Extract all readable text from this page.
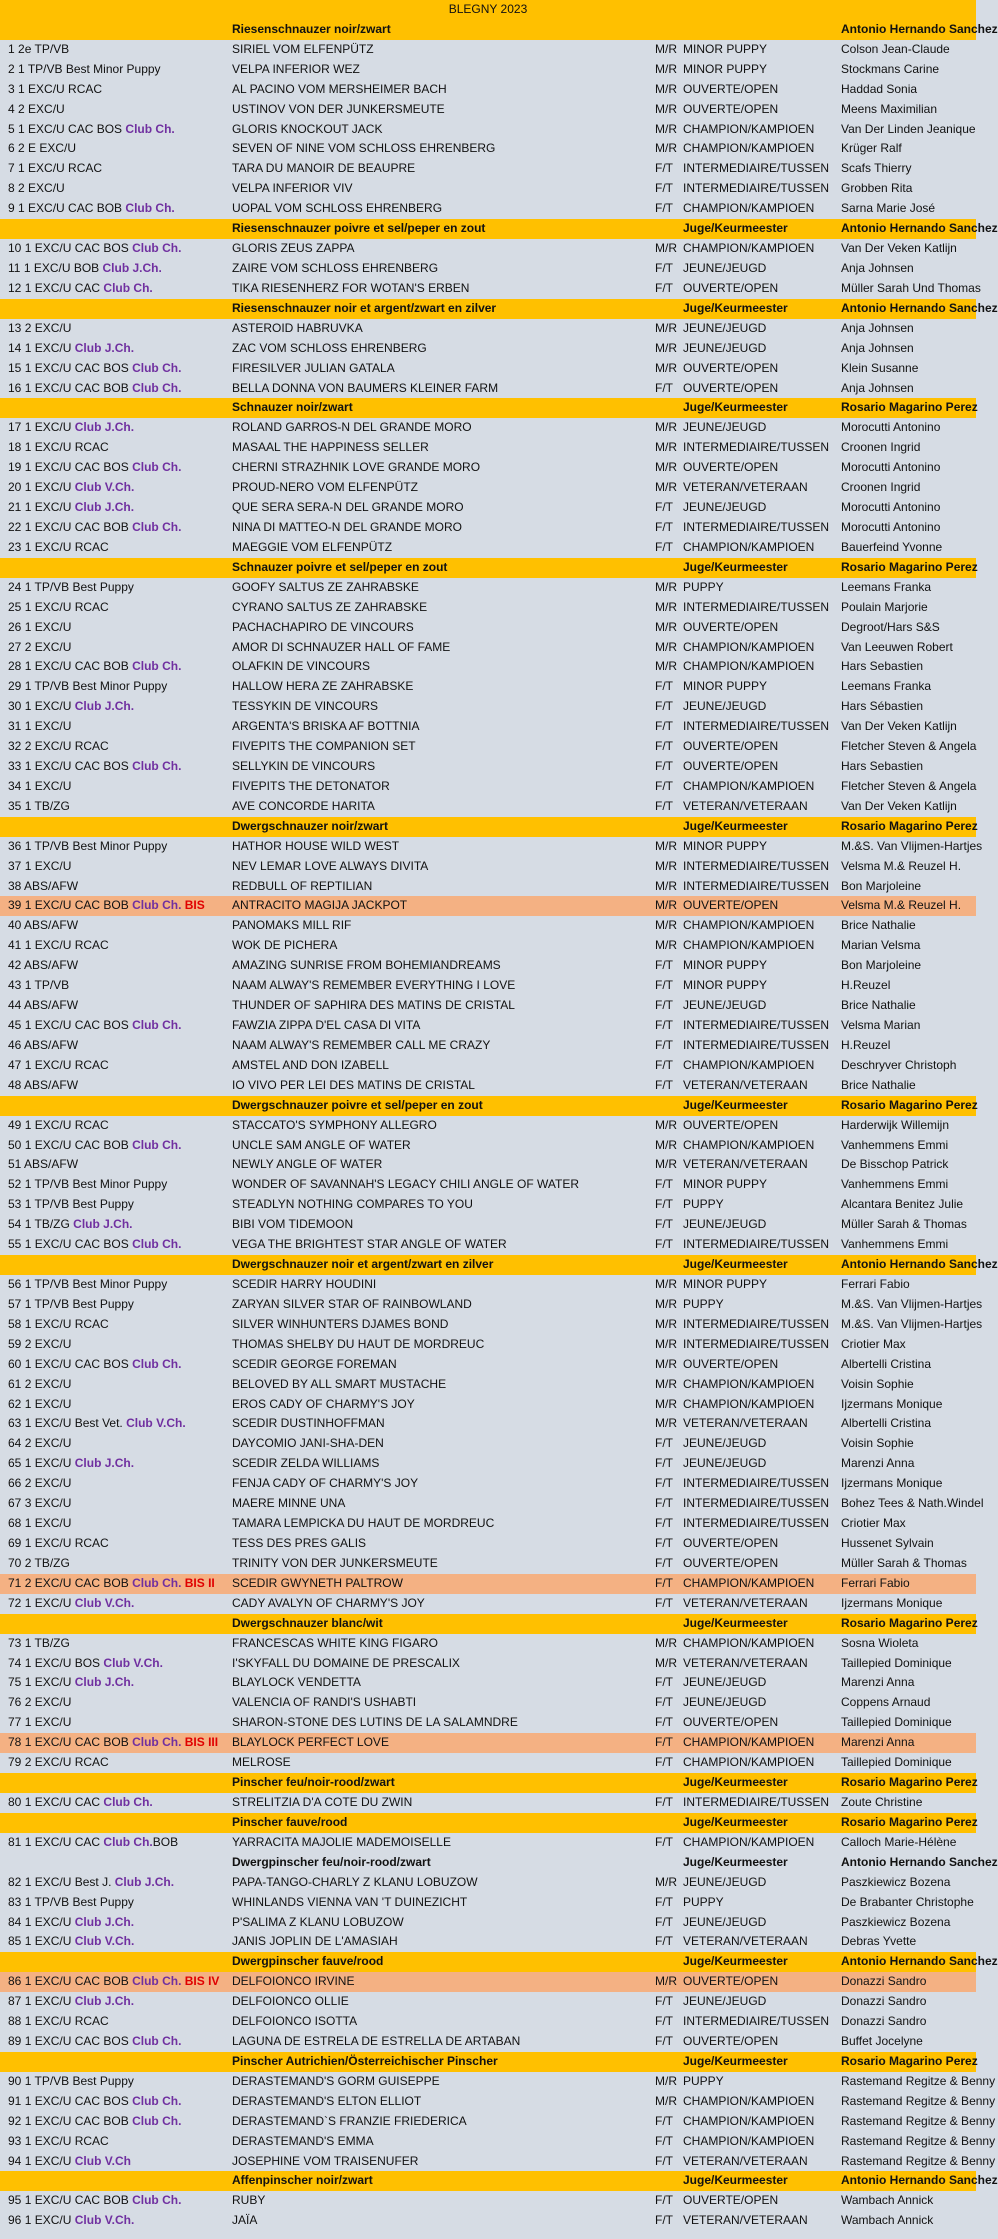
BLEGNY 2023
Riesenschnauzer noir/zwart	Antonio Hernando Sanchez
1 2e TP/VB	SIRIEL VOM ELFENPÜTZ	M/R MINOR PUPPY	Colson Jean-Claude
2 1 TP/VB Best Minor Puppy	VELPA INFERIOR WEZ	M/R MINOR PUPPY	Stockmans Carine
3 1 EXC/U RCAC	AL PACINO VOM MERSHEIMER BACH	M/R OUVERTE/OPEN	Haddad Sonia
4 2 EXC/U	USTINOV VON DER JUNKERSMEUTE	M/R OUVERTE/OPEN	Meens Maximilian
5 1 EXC/U CAC BOS Club Ch.	GLORIS KNOCKOUT JACK	M/R CHAMPION/KAMPIOEN	Van Der Linden Jeanique
6 2 E EXC/U	SEVEN OF NINE VOM SCHLOSS EHRENBERG	M/R CHAMPION/KAMPIOEN	Krüger Ralf
7 1 EXC/U RCAC	TARA DU MANOIR DE BEAUPRE	F/T INTERMEDIAIRE/TUSSEN Scafs Thierry
8 2 EXC/U	VELPA INFERIOR VIV	F/T INTERMEDIAIRE/TUSSEN Grobben Rita
9 1 EXC/U CAC BOB Club Ch.	UOPAL VOM SCHLOSS EHRENBERG	F/T CHAMPION/KAMPIOEN	Sarna Marie José
Riesenschnauzer poivre et sel/peper en zout	Juge/Keurmeester	Antonio Hernando Sanchez
10 1 EXC/U CAC BOS Club Ch.	GLORIS ZEUS ZAPPA	M/R CHAMPION/KAMPIOEN	Van Der Veken Katlijn
11 1 EXC/U BOB Club J.Ch.	ZAIRE VOM SCHLOSS EHRENBERG	F/T JEUNE/JEUGD	Anja Johnsen
12 1 EXC/U CAC Club Ch.	TIKA RIESENHERZ FOR WOTAN'S ERBEN	F/T OUVERTE/OPEN	Müller Sarah Und Thomas
Riesenschnauzer noir et argent/zwart en zilver	Juge/Keurmeester	Antonio Hernando Sanchez
13 2 EXC/U	ASTEROID HABRUVKA	M/R JEUNE/JEUGD	Anja Johnsen
14 1 EXC/U Club J.Ch.	ZAC VOM SCHLOSS EHRENBERG	M/R JEUNE/JEUGD	Anja Johnsen
15 1 EXC/U CAC BOS Club Ch.	FIRESILVER JULIAN GATALA	M/R OUVERTE/OPEN	Klein Susanne
16 1 EXC/U CAC BOB Club Ch.	BELLA DONNA VON BAUMERS KLEINER FARM	F/T OUVERTE/OPEN	Anja Johnsen
Schnauzer noir/zwart	Juge/Keurmeester	Rosario Magarino Perez
17 1 EXC/U Club J.Ch.	ROLAND GARROS-N DEL GRANDE MORO	M/R JEUNE/JEUGD	Morocutti Antonino
18 1 EXC/U RCAC	MASAAL THE HAPPINESS SELLER	M/R INTERMEDIAIRE/TUSSEN Croonen Ingrid
19 1 EXC/U CAC BOS Club Ch.	CHERNI STRAZHNIK LOVE GRANDE MORO	M/R OUVERTE/OPEN	Morocutti Antonino
20 1 EXC/U Club V.Ch.	PROUD-NERO VOM ELFENPÜTZ	M/R VETERAN/VETERAAN	Croonen Ingrid
21 1 EXC/U Club J.Ch.	QUE SERA SERA-N DEL GRANDE MORO	F/T JEUNE/JEUGD	Morocutti Antonino
22 1 EXC/U CAC BOB Club Ch.	NINA DI MATTEO-N DEL GRANDE MORO	F/T INTERMEDIAIRE/TUSSEN Morocutti Antonino
23 1 EXC/U RCAC	MAEGGIE VOM ELFENPÜTZ	F/T CHAMPION/KAMPIOEN	Bauerfeind Yvonne
Schnauzer poivre et sel/peper en zout	Juge/Keurmeester	Rosario Magarino Perez
24 1 TP/VB Best Puppy	GOOFY SALTUS ZE ZAHRABSKE	M/R PUPPY	Leemans Franka
25 1 EXC/U RCAC	CYRANO SALTUS ZE ZAHRABSKE	M/R INTERMEDIAIRE/TUSSEN Poulain Marjorie
26 1 EXC/U	PACHACHAPIRO DE VINCOURS	M/R OUVERTE/OPEN	Degroot/Hars S&S
27 2 EXC/U	AMOR DI SCHNAUZER HALL OF FAME	M/R CHAMPION/KAMPIOEN	Van Leeuwen Robert
28 1 EXC/U CAC BOB Club Ch.	OLAFKIN DE VINCOURS	M/R CHAMPION/KAMPIOEN	Hars Sebastien
29 1 TP/VB Best Minor Puppy	HALLOW HERA ZE ZAHRABSKE	F/T MINOR PUPPY	Leemans Franka
30 1 EXC/U Club J.Ch.	TESSYKIN DE VINCOURS	F/T JEUNE/JEUGD	Hars Sébastien
31 1 EXC/U	ARGENTA'S BRISKA AF BOTTNIA	F/T INTERMEDIAIRE/TUSSEN Van Der Veken Katlijn
32 2 EXC/U RCAC	FIVEPITS THE COMPANION SET	F/T OUVERTE/OPEN	Fletcher Steven & Angela
33 1 EXC/U CAC BOS Club Ch.	SELLYKIN DE VINCOURS	F/T OUVERTE/OPEN	Hars Sebastien
34 1 EXC/U	FIVEPITS THE DETONATOR	F/T CHAMPION/KAMPIOEN	Fletcher Steven & Angela
35 1 TB/ZG	AVE CONCORDE HARITA	F/T VETERAN/VETERAAN	Van Der Veken Katlijn
Dwergschnauzer noir/zwart	Juge/Keurmeester	Rosario Magarino Perez
36 1 TP/VB Best Minor Puppy	HATHOR HOUSE WILD WEST	M/R MINOR PUPPY	M.&S. Van Vlijmen-Hartjes
37 1 EXC/U	NEV LEMAR LOVE ALWAYS DIVITA	M/R INTERMEDIAIRE/TUSSEN Velsma M.& Reuzel H.
38 ABS/AFW	REDBULL OF REPTILIAN	M/R INTERMEDIAIRE/TUSSEN Bon Marjoleine
39 1 EXC/U CAC BOB Club Ch. BIS	ANTRACITO MAGIJA JACKPOT	M/R OUVERTE/OPEN	Velsma M.& Reuzel H.
40 ABS/AFW	PANOMAKS MILL RIF	M/R CHAMPION/KAMPIOEN	Brice Nathalie
41 1 EXC/U RCAC	WOK DE PICHERA	M/R CHAMPION/KAMPIOEN	Marian Velsma
42 ABS/AFW	AMAZING SUNRISE FROM BOHEMIANDREAMS	F/T MINOR PUPPY	Bon Marjoleine
43 1 TP/VB	NAAM ALWAY'S REMEMBER EVERYTHING I LOVE	F/T MINOR PUPPY	H.Reuzel
44 ABS/AFW	THUNDER OF SAPHIRA DES MATINS DE CRISTAL	F/T JEUNE/JEUGD	Brice Nathalie
45 1 EXC/U CAC BOS Club Ch.	FAWZIA ZIPPA D'EL CASA DI VITA	F/T INTERMEDIAIRE/TUSSEN Velsma Marian
46 ABS/AFW	NAAM ALWAY'S REMEMBER CALL ME CRAZY	F/T INTERMEDIAIRE/TUSSEN H.Reuzel
47 1 EXC/U RCAC	AMSTEL AND DON IZABELL	F/T CHAMPION/KAMPIOEN	Deschryver Christoph
48 ABS/AFW	IO VIVO PER LEI DES MATINS DE CRISTAL	F/T VETERAN/VETERAAN	Brice Nathalie
Dwergschnauzer poivre et sel/peper en zout	Juge/Keurmeester	Rosario Magarino Perez
49 1 EXC/U RCAC	STACCATO'S SYMPHONY ALLEGRO	M/R OUVERTE/OPEN	Harderwijk Willemijn
50 1 EXC/U CAC BOB Club Ch.	UNCLE SAM ANGLE OF WATER	M/R CHAMPION/KAMPIOEN	Vanhemmens Emmi
51 ABS/AFW	NEWLY ANGLE OF WATER	M/R VETERAN/VETERAAN	De Bisschop Patrick
52 1 TP/VB Best Minor Puppy	WONDER OF SAVANNAH'S LEGACY CHILI ANGLE OF WATER	F/T MINOR PUPPY	Vanhemmens Emmi
53 1 TP/VB Best Puppy	STEADLYN NOTHING COMPARES TO YOU	F/T PUPPY	Alcantara Benitez Julie
54 1 TB/ZG Club J.Ch.	BIBI VOM TIDEMOON	F/T JEUNE/JEUGD	Müller Sarah & Thomas
55 1 EXC/U CAC BOS Club Ch.	VEGA THE BRIGHTEST STAR ANGLE OF WATER	F/T INTERMEDIAIRE/TUSSEN Vanhemmens Emmi
Dwergschnauzer noir et argent/zwart en zilver	Juge/Keurmeester	Antonio Hernando Sanchez
56 1 TP/VB Best Minor Puppy	SCEDIR HARRY HOUDINI	M/R MINOR PUPPY	Ferrari Fabio
57 1 TP/VB Best Puppy	ZARYAN SILVER STAR OF RAINBOWLAND	M/R PUPPY	M.&S. Van Vlijmen-Hartjes
58 1 EXC/U RCAC	SILVER WINHUNTERS DJAMES BOND	M/R INTERMEDIAIRE/TUSSEN M.&S. Van Vlijmen-Hartjes
59 2 EXC/U	THOMAS SHELBY DU HAUT DE MORDREUC	M/R INTERMEDIAIRE/TUSSEN Criotier Max
60 1 EXC/U CAC BOS Club Ch.	SCEDIR GEORGE FOREMAN	M/R OUVERTE/OPEN	Albertelli Cristina
61 2 EXC/U	BELOVED BY ALL SMART MUSTACHE	M/R CHAMPION/KAMPIOEN	Voisin Sophie
62 1 EXC/U	EROS CADY OF CHARMY'S JOY	M/R CHAMPION/KAMPIOEN	Ijzermans Monique
63 1 EXC/U Best Vet. Club V.Ch.	SCEDIR DUSTINHOFFMAN	M/R VETERAN/VETERAAN	Albertelli Cristina
64 2 EXC/U	DAYCOMIO JANI-SHA-DEN	F/T JEUNE/JEUGD	Voisin Sophie
65 1 EXC/U Club J.Ch.	SCEDIR ZELDA WILLIAMS	F/T JEUNE/JEUGD	Marenzi Anna
66 2 EXC/U	FENJA CADY OF CHARMY'S JOY	F/T INTERMEDIAIRE/TUSSEN Ijzermans Monique
67 3 EXC/U	MAERE MINNE UNA	F/T INTERMEDIAIRE/TUSSEN Bohez Tees & Nath.Windel
68 1 EXC/U	TAMARA LEMPICKA DU HAUT DE MORDREUC	F/T INTERMEDIAIRE/TUSSEN Criotier Max
69 1 EXC/U RCAC	TESS DES PRES GALIS	F/T OUVERTE/OPEN	Hussenet Sylvain
70 2 TB/ZG	TRINITY VON DER JUNKERSMEUTE	F/T OUVERTE/OPEN	Müller Sarah & Thomas
71 2 EXC/U CAC BOB Club Ch. BIS II	SCEDIR GWYNETH PALTROW	F/T CHAMPION/KAMPIOEN	Ferrari Fabio
72 1 EXC/U Club V.Ch.	CADY AVALYN OF CHARMY'S JOY	F/T VETERAN/VETERAAN	Ijzermans Monique
Dwergschnauzer blanc/wit	Juge/Keurmeester	Rosario Magarino Perez
73 1 TB/ZG	FRANCESCAS WHITE KING FIGARO	M/R CHAMPION/KAMPIOEN	Sosna Wioleta
74 1 EXC/U BOS Club V.Ch.	I'SKYFALL DU DOMAINE DE PRESCALIX	M/R VETERAN/VETERAAN	Taillepied Dominique
75 1 EXC/U Club J.Ch.	BLAYLOCK VENDETTA	F/T JEUNE/JEUGD	Marenzi Anna
76 2 EXC/U	VALENCIA OF RANDI'S USHABTI	F/T JEUNE/JEUGD	Coppens Arnaud
77 1 EXC/U	SHARON-STONE DES LUTINS DE LA SALAMNDRE	F/T OUVERTE/OPEN	Taillepied Dominique
78 1 EXC/U CAC BOB Club Ch. BIS III	BLAYLOCK PERFECT LOVE	F/T CHAMPION/KAMPIOEN	Marenzi Anna
79 2 EXC/U RCAC	MELROSE	F/T CHAMPION/KAMPIOEN	Taillepied Dominique
Pinscher feu/noir-rood/zwart	Juge/Keurmeester	Rosario Magarino Perez
80 1 EXC/U CAC Club Ch.	STRELITZIA D'A COTE DU ZWIN	F/T INTERMEDIAIRE/TUSSEN Zoute Christine
Pinscher fauve/rood	Juge/Keurmeester	Rosario Magarino Perez
81 1 EXC/U CAC Club Ch.BOB	YARRACITA MAJOLIE MADEMOISELLE	F/T CHAMPION/KAMPIOEN	Calloch Marie-Hélène
Dwergpinscher feu/noir-rood/zwart	Juge/Keurmeester	Antonio Hernando Sanchez
82 1 EXC/U Best J. Club J.Ch.	PAPA-TANGO-CHARLY Z KLANU LOBUZOW	M/R JEUNE/JEUGD	Paszkiewicz Bozena
83 1 TP/VB Best Puppy	WHINLANDS VIENNA VAN 'T DUINEZICHT	F/T PUPPY	De Brabanter Christophe
84 1 EXC/U Club J.Ch.	P'SALIMA Z KLANU LOBUZOW	F/T JEUNE/JEUGD	Paszkiewicz Bozena
85 1 EXC/U Club V.Ch.	JANIS JOPLIN DE L'AMASIAH	F/T VETERAN/VETERAAN	Debras Yvette
Dwergpinscher fauve/rood	Juge/Keurmeester	Antonio Hernando Sanchez
86 1 EXC/U CAC BOB Club Ch. BIS IV	DELFOIONCO IRVINE	M/R OUVERTE/OPEN	Donazzi Sandro
87 1 EXC/U Club J.Ch.	DELFOIONCO OLLIE	F/T JEUNE/JEUGD	Donazzi Sandro
88 1 EXC/U RCAC	DELFOIONCO ISOTTA	F/T INTERMEDIAIRE/TUSSEN Donazzi Sandro
89 1 EXC/U CAC BOS Club Ch.	LAGUNA DE ESTRELA DE ESTRELLA DE ARTABAN	F/T OUVERTE/OPEN	Buffet Jocelyne
Pinscher Autrichien/Österreichischer Pinscher	Juge/Keurmeester	Rosario Magarino Perez
90 1 TP/VB Best Puppy	DERASTEMAND'S GORM GUISEPPE	M/R PUPPY	Rastemand Regitze & Benny
91 1 EXC/U CAC BOS Club Ch.	DERASTEMAND'S ELTON ELLIOT	M/R CHAMPION/KAMPIOEN	Rastemand Regitze & Benny
92 1 EXC/U CAC BOB Club Ch.	DERASTEMAND`S FRANZIE FRIEDERICA	F/T CHAMPION/KAMPIOEN	Rastemand Regitze & Benny
93 1 EXC/U RCAC	DERASTEMAND'S EMMA	F/T CHAMPION/KAMPIOEN	Rastemand Regitze & Benny
94 1 EXC/U Club V.Ch	JOSEPHINE VOM TRAISENUFER	F/T VETERAN/VETERAAN	Rastemand Regitze & Benny
Affenpinscher noir/zwart	Juge/Keurmeester	Antonio Hernando Sanchez
95 1 EXC/U CAC BOB Club Ch.	RUBY	F/T OUVERTE/OPEN	Wambach Annick
96 1 EXC/U Club V.Ch.	JAÏA	F/T VETERAN/VETERAAN	Wambach Annick
